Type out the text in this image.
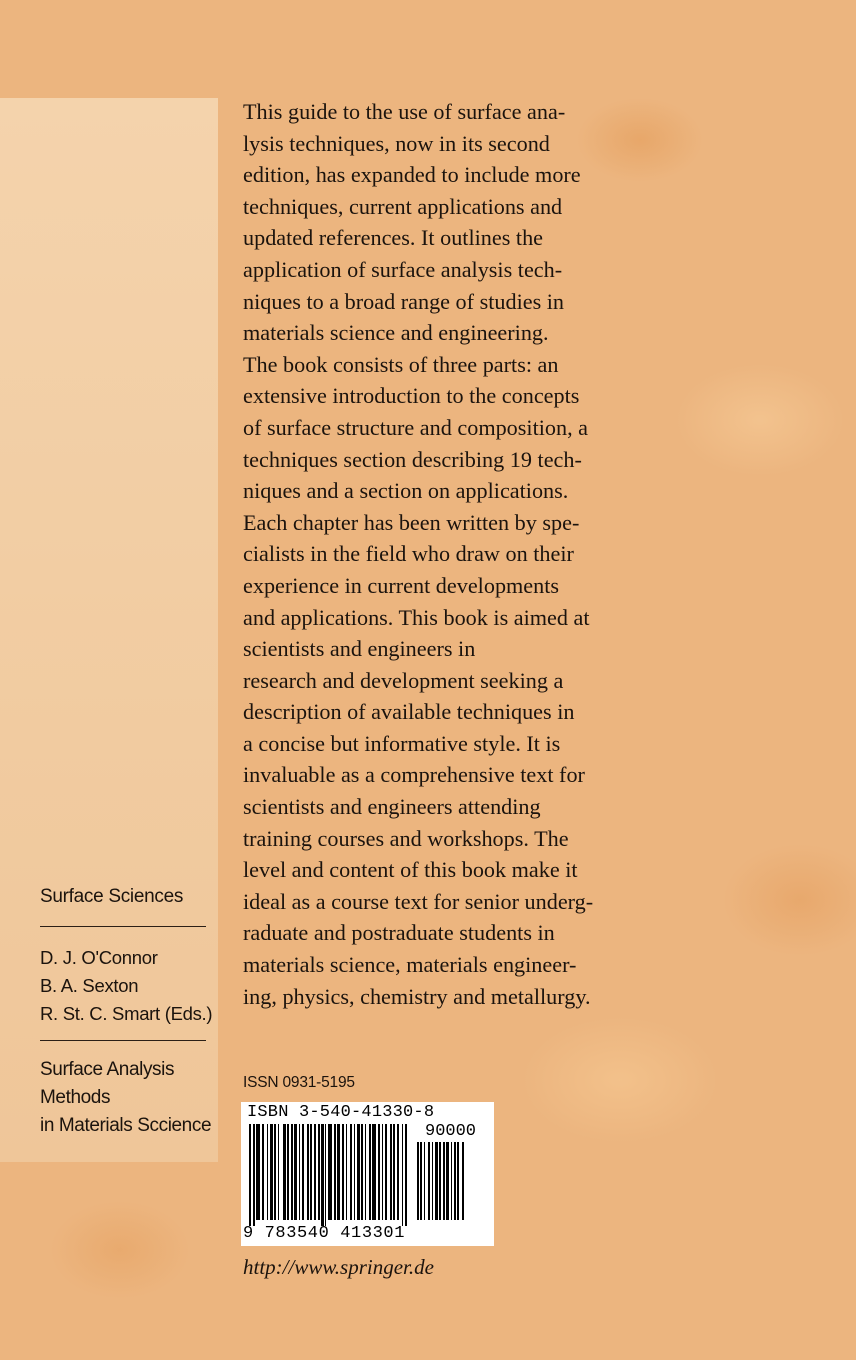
This guide to the use of surface ana-
lysis techniques, now in its second
edition, has expanded to include more
techniques, current applications and
updated references. It outlines the
application of surface analysis tech-
niques to a broad range of studies in
materials science and engineering.
The book consists of three parts: an
extensive introduction to the concepts
of surface structure and composition, a
techniques section describing 19 tech-
niques and a section on applications.
Each chapter has been written by spe-
cialists in the field who draw on their
experience in current developments
and applications. This book is aimed at
scientists and engineers in
research and development seeking a
description of available techniques in
a concise but informative style. It is
invaluable as a comprehensive text for
scientists and engineers attending
training courses and workshops. The
level and content of this book make it
ideal as a course text for senior underg-
raduate and postraduate students in
materials science, materials engineer-
ing, physics, chemistry and metallurgy.
Surface Sciences
D. J. O'Connor
B. A. Sexton
R. St. C. Smart (Eds.)
Surface Analysis
Methods
in Materials Sccience
ISSN 0931-5195
ISBN 3-540-41330-8
90000
9 783540 413301
http://www.springer.de
